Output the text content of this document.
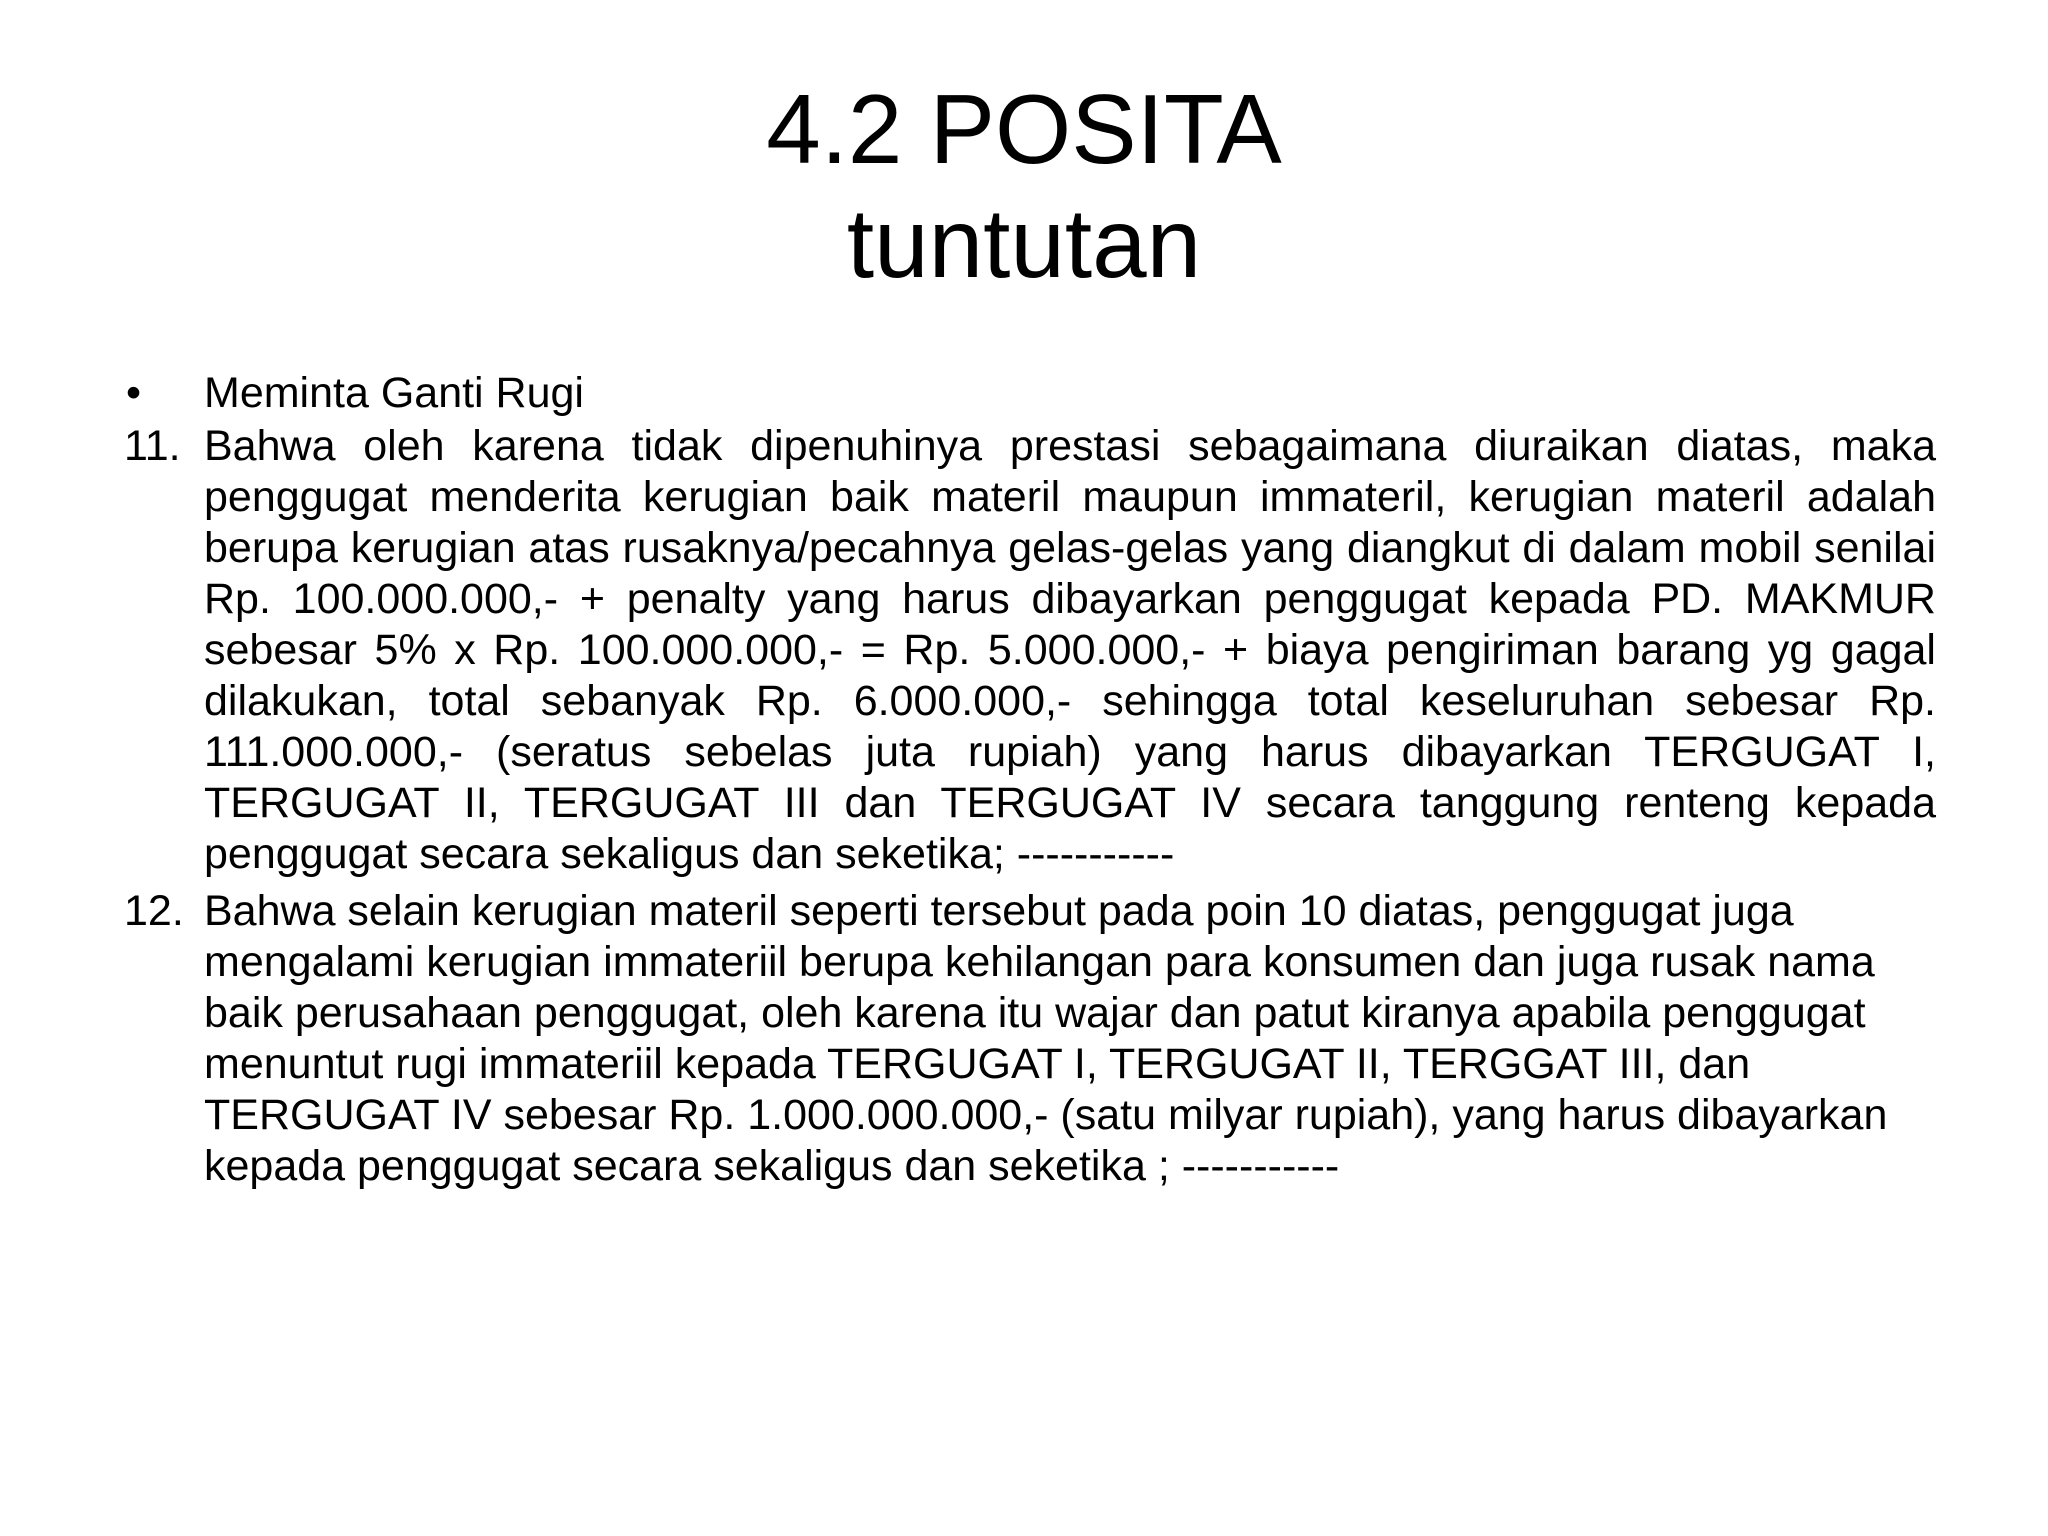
4.2 POSITA
tuntutan
•	Meminta Ganti Rugi
11. Bahwa oleh karena tidak dipenuhinya prestasi sebagaimana diuraikan diatas, maka penggugat menderita kerugian baik materil maupun immateril, kerugian materil adalah berupa kerugian atas rusaknya/pecahnya gelas-gelas yang diangkut di dalam mobil senilai Rp. 100.000.000,- + penalty yang harus dibayarkan penggugat kepada PD. MAKMUR sebesar 5% x Rp. 100.000.000,- = Rp. 5.000.000,- + biaya pengiriman barang yg gagal dilakukan, total sebanyak Rp. 6.000.000,- sehingga total keseluruhan sebesar Rp. 111.000.000,- (seratus sebelas juta rupiah) yang harus dibayarkan TERGUGAT I, TERGUGAT II, TERGUGAT III dan TERGUGAT IV secara tanggung renteng kepada penggugat secara sekaligus dan seketika; -----------
12. Bahwa selain kerugian materil seperti tersebut pada poin 10 diatas, penggugat juga mengalami kerugian immateriil berupa kehilangan para konsumen dan juga rusak nama baik perusahaan penggugat, oleh karena itu wajar dan patut kiranya apabila penggugat menuntut rugi immateriil kepada TERGUGAT I, TERGUGAT II, TERGGAT III, dan TERGUGAT IV sebesar Rp. 1.000.000.000,- (satu milyar rupiah), yang harus dibayarkan kepada penggugat secara sekaligus dan seketika ; -----------
